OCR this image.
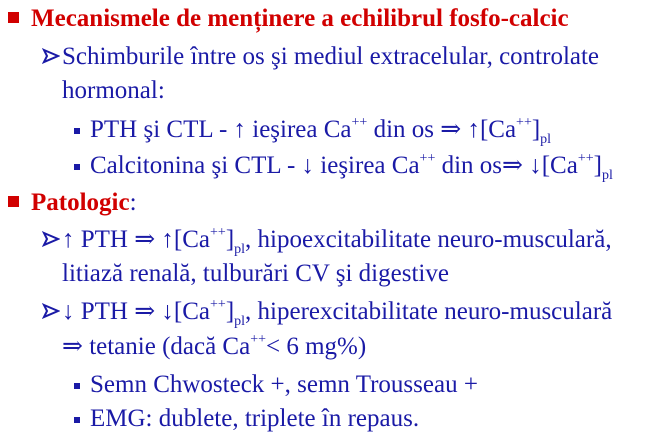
Mecanismele de menținere a echilibrul fosfo-calcic
Schimburile între os şi mediul extracelular, controlate
hormonal:
PTH şi CTL - ↑ ieşirea Ca++ din os ⇒ $↑[Ca^{++}]_{pl}$
Calcitonina şi CTL - ↓ ieşirea Ca++ din os⇒ $↓[Ca^{++}]_{pl}$
Patologic:
↑ PTH ⇒ $↑[Ca^{++}]_{pl}$, hipoexcitabilitate neuro-musculară,
litiază renală, tulburări CV şi digestive
↓ PTH ⇒ $↓[Ca^{++}]_{pl}$, hiperexcitabilitate neuro-musculară
⇒ tetanie (dacă Ca++< 6 mg%)
Semn Chwosteck +, semn Trousseau +
EMG: dublete, triplete în repaus.
